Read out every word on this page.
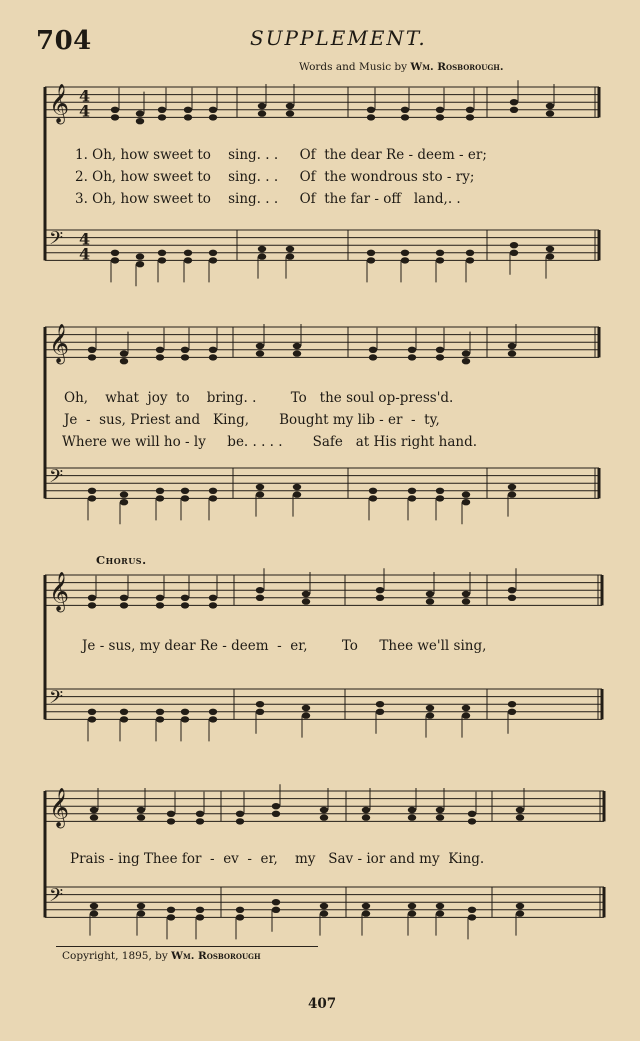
704	SUPPLEMENT.
Words and Music by Wm. Rosborough.
𝄞 4
4
𝄢 4
4
𝄞
𝄢
𝄞
𝄢
𝄞
𝄢
1. Oh, how sweet to    sing. . .     Of  the dear Re - deem - er;
2. Oh, how sweet to    sing. . .     Of  the wondrous sto - ry;
3. Oh, how sweet to    sing. . .     Of  the far - off   land,. .
Oh,    what  joy  to    bring. .        To   the soul op-press'd.
Je  -  sus, Priest and   King,       Bought my lib - er  -  ty,
Where we will ho - ly     be. . . . .       Safe   at His right hand.
Chorus.
Je - sus, my dear Re - deem  -  er,        To     Thee we'll sing,
Prais - ing Thee for  -  ev  -  er,    my   Sav - ior and my  King.
Copyright, 1895, by Wm. Rosborough
407
